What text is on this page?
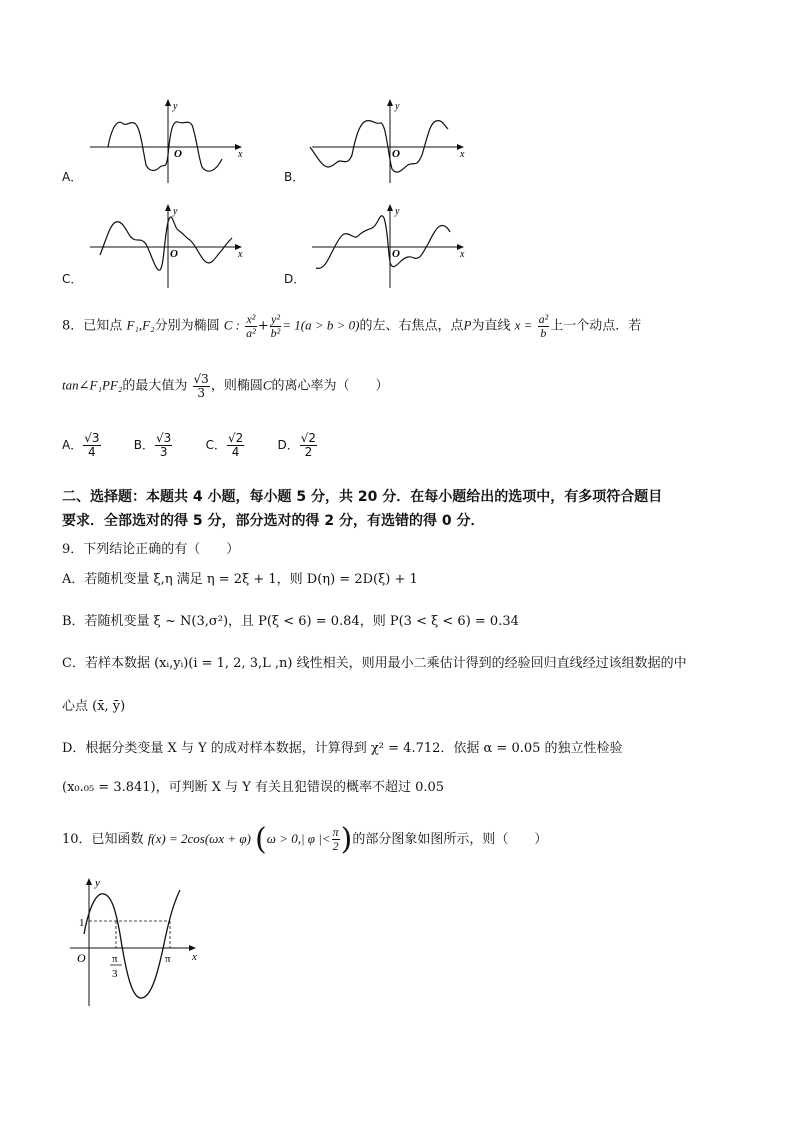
O
y
x
A．
O
y
x
B．
O
y
x
C．
O
y
x
D．
8．已知点 F₁,F₂分别为椭圆 C : $\frac{\text{x²}}{\text{a²}} + \frac{\text{y²}}{\text{b²}} = 1(a > b > 0)$的左、右焦点，点P为直线 $x = \frac{\text{a²}}{b}$ 上一个动点．若
tan∠F₁PF₂的最大值为 $\frac{√3}{3}$ ，则椭圆C的离心率为（　　）
A． $\frac{√3}{4}$	B． $\frac{√3}{3}$	C． $\frac{√2}{4}$	D． $\frac{√2}{2}$
二、选择题：本题共 4 小题，每小题 5 分，共 20 分．在每小题给出的选项中，有多项符合题目
要求．全部选对的得 5 分，部分选对的得 2 分，有选错的得 0 分．
9．下列结论正确的有（　　）
A．若随机变量 ξ,η 满足 η = 2ξ + 1，则 D(η) = 2D(ξ) + 1
B．若随机变量 ξ ~ N(3,σ²)，且 P(ξ < 6) = 0.84，则 P(3 < ξ < 6) = 0.34
C．若样本数据 (xᵢ,yᵢ)(i = 1, 2, 3,L ,n) 线性相关，则用最小二乘估计得到的经验回归直线经过该组数据的中
心点 (x̄, ȳ)
D．根据分类变量 X 与 Y 的成对样本数据，计算得到 χ² = 4.712．依据 α = 0.05 的独立性检验
(x₀.₀₅ = 3.841)，可判断 X 与 Y 有关且犯错误的概率不超过 0.05
10．已知函数 f(x) = 2cos(ωx + φ) (ω > 0,| φ |< $\frac{\pi}{2}$ )的部分图象如图所示，则（　　）
y
x
O
1
π
π
3
